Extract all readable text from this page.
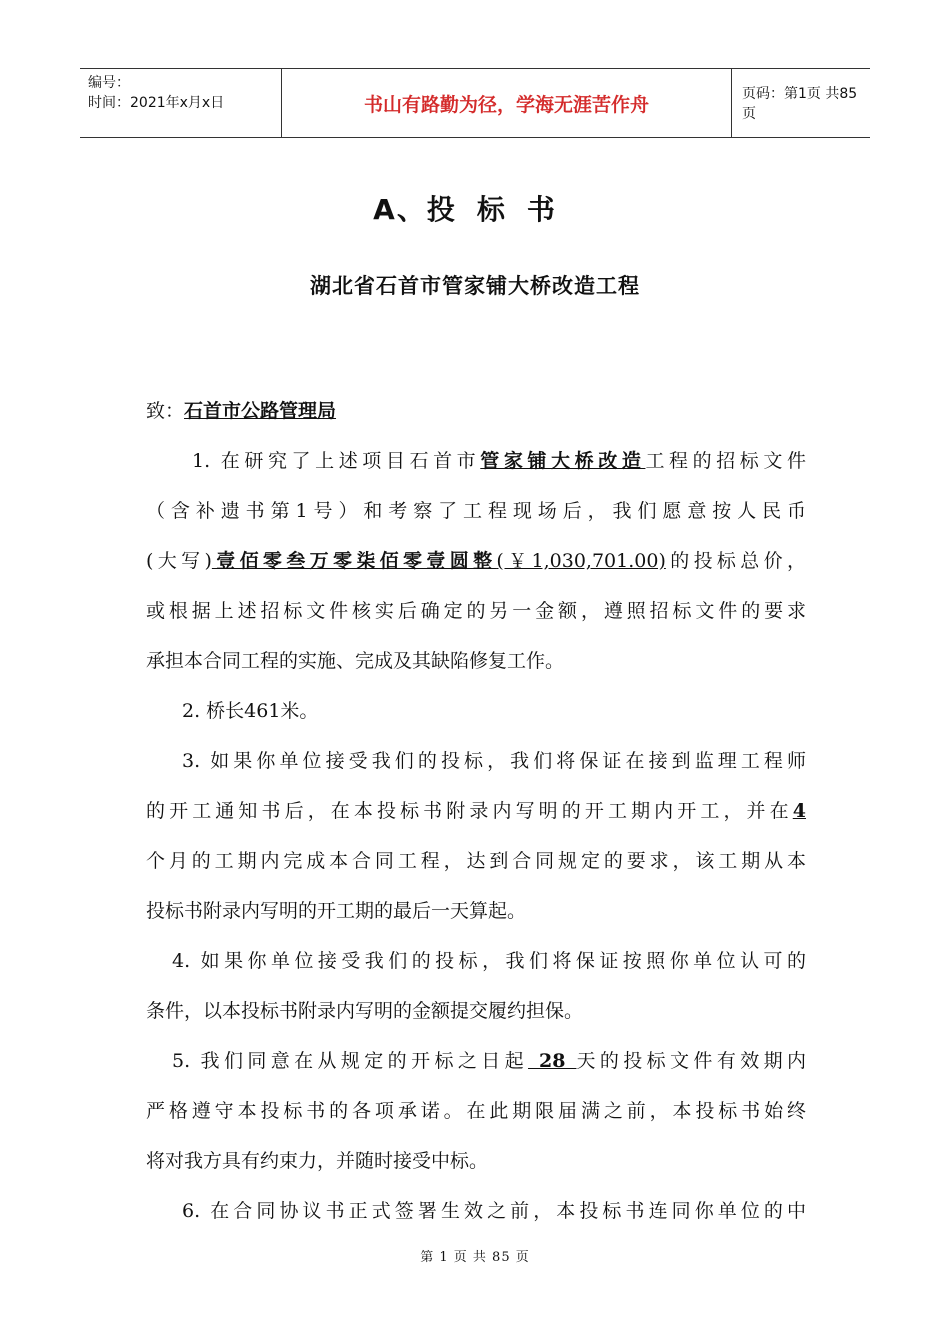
编号：
时间：2021年x月x日	书山有路勤为径，学海无涯苦作舟	页码：第1页 共85页
A、投标书
湖北省石首市管家铺大桥改造工程
致：石首市公路管理局
1. 在研究了上述项目石首市管家铺大桥改造工程的招标文件
（含补遗书第1号）和考察了工程现场后，我们愿意按人民币
(大写)壹佰零叁万零柒佰零壹圆整(￥1,030,701.00)的投标总价，
或根据上述招标文件核实后确定的另一金额，遵照招标文件的要求
承担本合同工程的实施、完成及其缺陷修复工作。
2. 桥长461米。
3. 如果你单位接受我们的投标，我们将保证在接到监理工程师
的开工通知书后，在本投标书附录内写明的开工期内开工，并在4
个月的工期内完成本合同工程，达到合同规定的要求，该工期从本
投标书附录内写明的开工期的最后一天算起。
4. 如果你单位接受我们的投标，我们将保证按照你单位认可的
条件，以本投标书附录内写明的金额提交履约担保。
5. 我们同意在从规定的开标之日起 28 天的投标文件有效期内
严格遵守本投标书的各项承诺。在此期限届满之前，本投标书始终
将对我方具有约束力，并随时接受中标。
6. 在合同协议书正式签署生效之前，本投标书连同你单位的中
第 1 页 共 85 页
